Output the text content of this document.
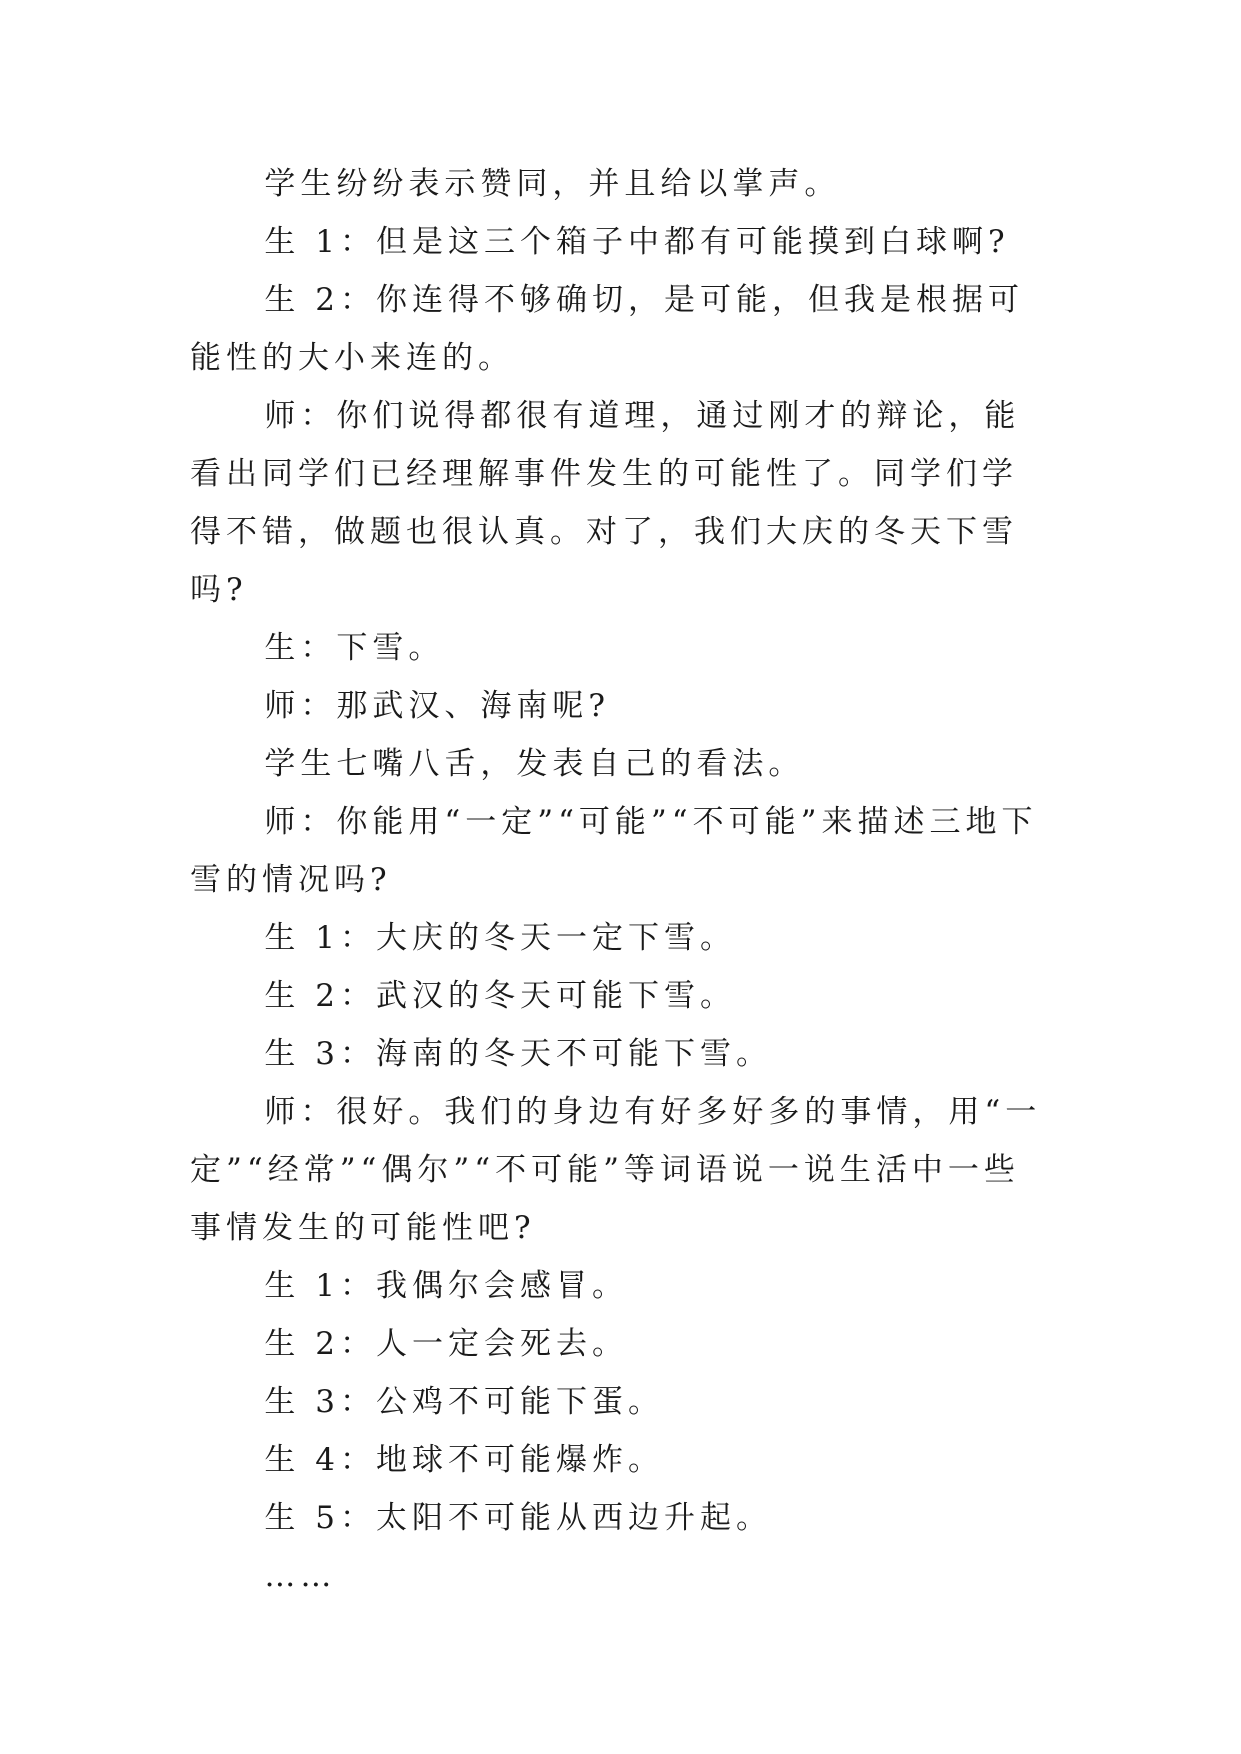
学生纷纷表示赞同，并且给以掌声。

生 1：但是这三个箱子中都有可能摸到白球啊?

生 2：你连得不够确切，是可能，但我是根据可能性的大小来连的。

师：你们说得都很有道理，通过刚才的辩论，能看出同学们已经理解事件发生的可能性了。同学们学得不错，做题也很认真。对了，我们大庆的冬天下雪吗?

生：下雪。

师：那武汉、海南呢?

学生七嘴八舌，发表自己的看法。

师：你能用“一定”“可能”“不可能”来描述三地下雪的情况吗?

生 1：大庆的冬天一定下雪。

生 2：武汉的冬天可能下雪。

生 3：海南的冬天不可能下雪。

师：很好。我们的身边有好多好多的事情，用“一定”“经常”“偶尔”“不可能”等词语说一说生活中一些事情发生的可能性吧?

生 1：我偶尔会感冒。

生 2：人一定会死去。

生 3：公鸡不可能下蛋。

生 4：地球不可能爆炸。

生 5：太阳不可能从西边升起。

……
